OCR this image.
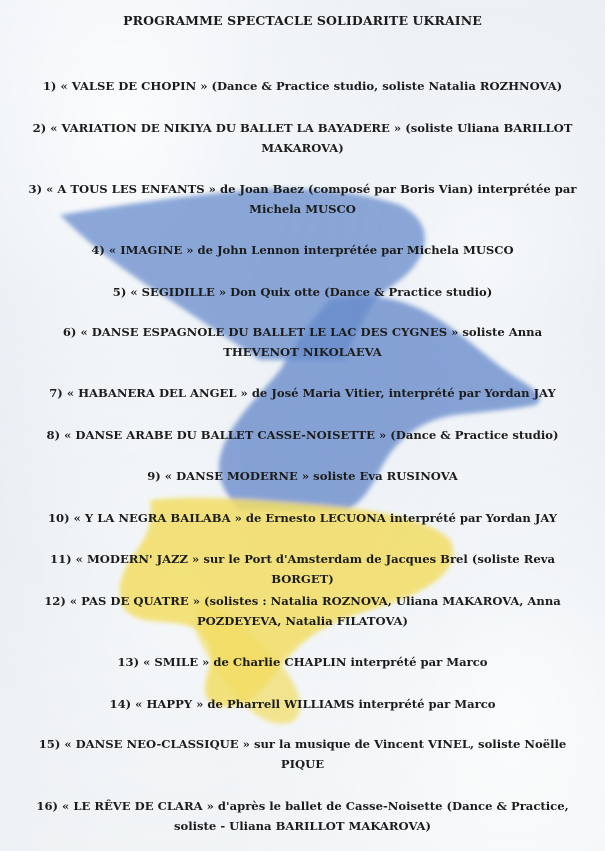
PROGRAMME SPECTACLE SOLIDARITE UKRAINE
1) « VALSE DE CHOPIN » (Dance & Practice studio, soliste Natalia ROZHNOVA)
2) « VARIATION DE NIKIYA DU BALLET LA BAYADERE » (soliste Uliana BARILLOT
MAKAROVA)
3) « A TOUS LES ENFANTS » de Joan Baez (composé par Boris Vian) interprétée par
Michela MUSCO
4) « IMAGINE » de John Lennon interprétée par Michela MUSCO
5) « SEGIDILLE » Don Quix otte (Dance & Practice studio)
6) « DANSE ESPAGNOLE DU BALLET LE LAC DES CYGNES » soliste Anna
THEVENOT NIKOLAEVA
7) « HABANERA DEL ANGEL » de José Maria Vitier, interprété par Yordan JAY
8) « DANSE ARABE DU BALLET CASSE-NOISETTE » (Dance & Practice studio)
9) « DANSE MODERNE » soliste Eva RUSINOVA
10) « Y LA NEGRA BAILABA » de Ernesto LECUONA interprété par Yordan JAY
11) « MODERN' JAZZ » sur le Port d'Amsterdam de Jacques Brel (soliste Reva BORGET)
12) « PAS DE QUATRE » (solistes : Natalia ROZNOVA, Uliana MAKAROVA, Anna
POZDEYEVA, Natalia FILATOVA)
13) « SMILE » de Charlie CHAPLIN interprété par Marco
14) « HAPPY » de Pharrell WILLIAMS interprété par Marco
15) « DANSE NEO-CLASSIQUE » sur la musique de Vincent VINEL, soliste Noëlle
PIQUE
16) « LE RÊVE DE CLARA » d'après le ballet de Casse-Noisette (Dance & Practice,
soliste - Uliana BARILLOT MAKAROVA)
